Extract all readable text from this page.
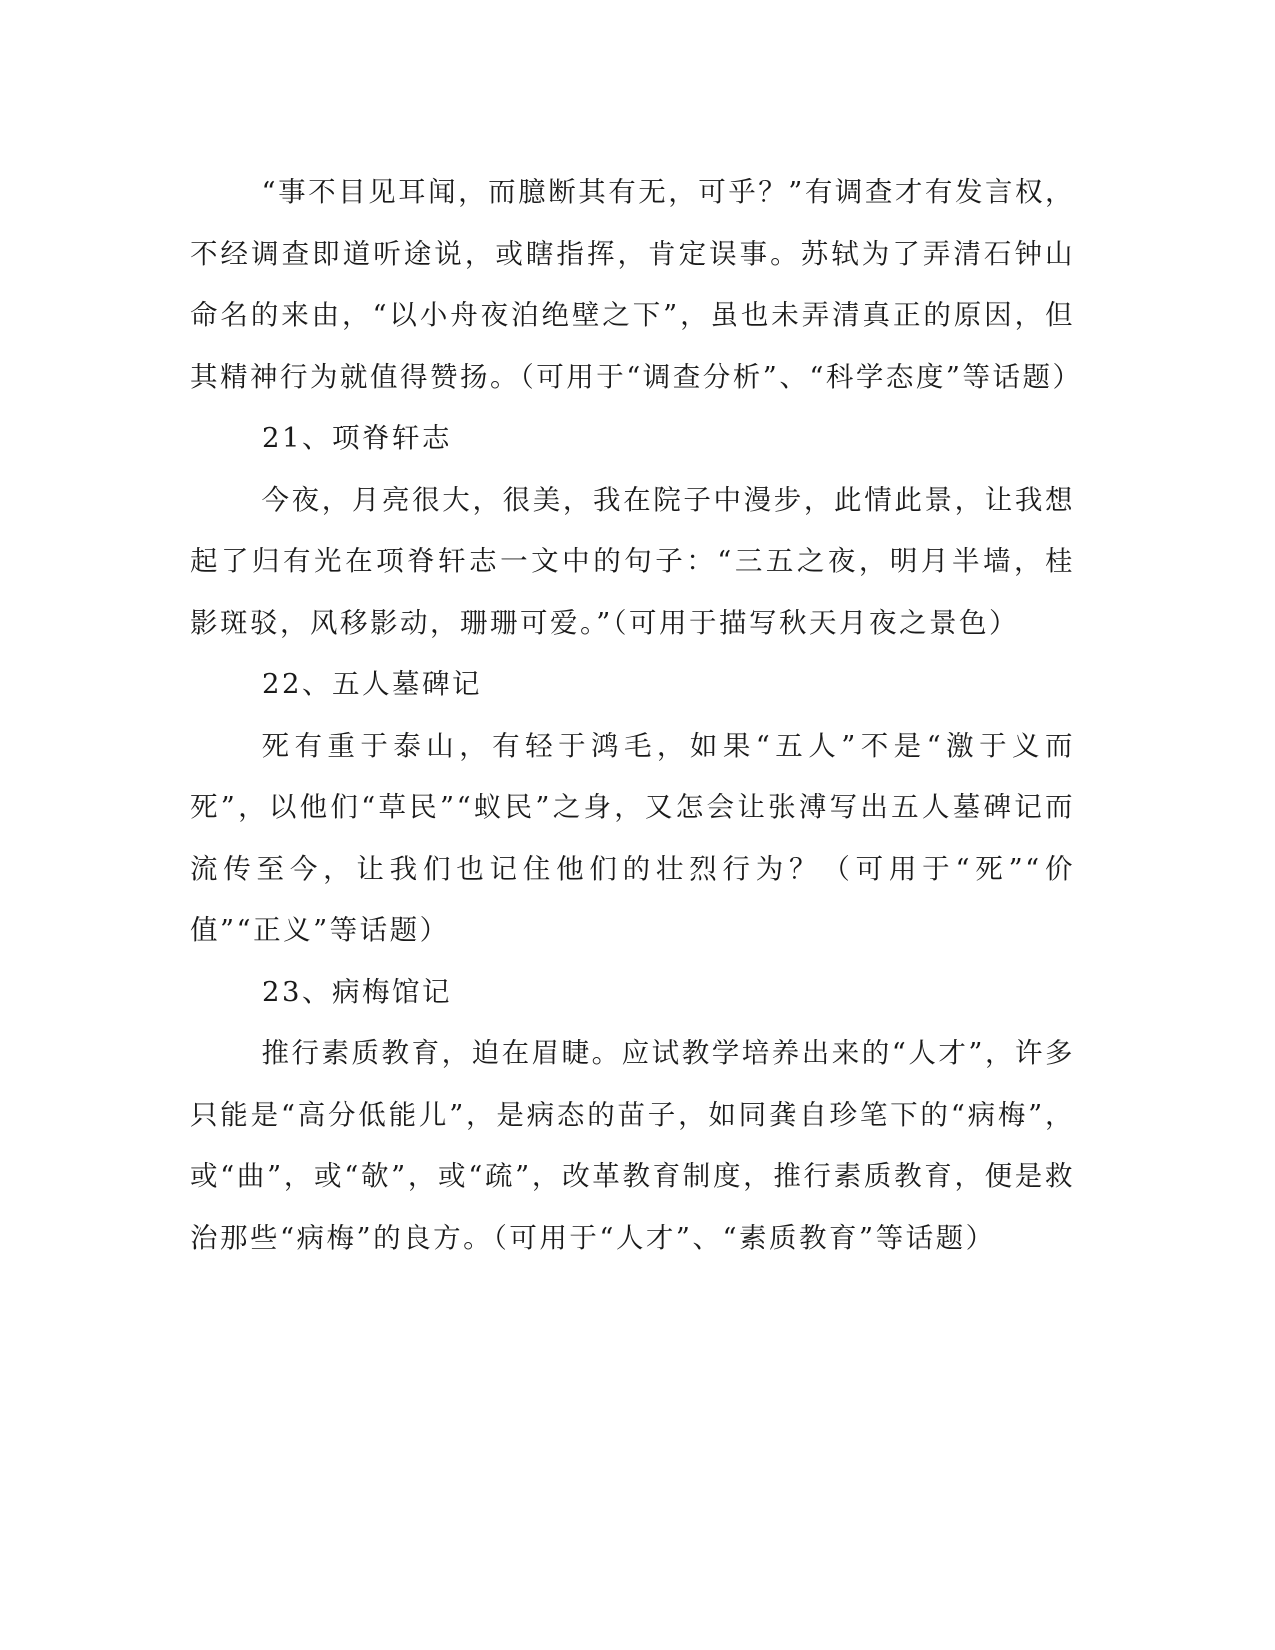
“事不目见耳闻，而臆断其有无，可乎？”有调查才有发言权，不经调查即道听途说，或瞎指挥，肯定误事。苏轼为了弄清石钟山命名的来由，“以小舟夜泊绝壁之下”，虽也未弄清真正的原因，但其精神行为就值得赞扬。（可用于“调查分析”、“科学态度”等话题）

21、项脊轩志

今夜，月亮很大，很美，我在院子中漫步，此情此景，让我想起了归有光在项脊轩志一文中的句子：“三五之夜，明月半墙，桂影斑驳，风移影动，珊珊可爱。”（可用于描写秋天月夜之景色）

22、五人墓碑记

死有重于泰山，有轻于鸿毛，如果“五人”不是“激于义而死”，以他们“草民”“蚁民”之身，又怎会让张溥写出五人墓碑记而流传至今，让我们也记住他们的壮烈行为？（可用于“死”“价值”“正义”等话题）

23、病梅馆记

推行素质教育，迫在眉睫。应试教学培养出来的“人才”，许多只能是“高分低能儿”，是病态的苗子，如同龚自珍笔下的“病梅”，或“曲”，或“欹”，或“疏”，改革教育制度，推行素质教育，便是救治那些“病梅”的良方。（可用于“人才”、“素质教育”等话题）
